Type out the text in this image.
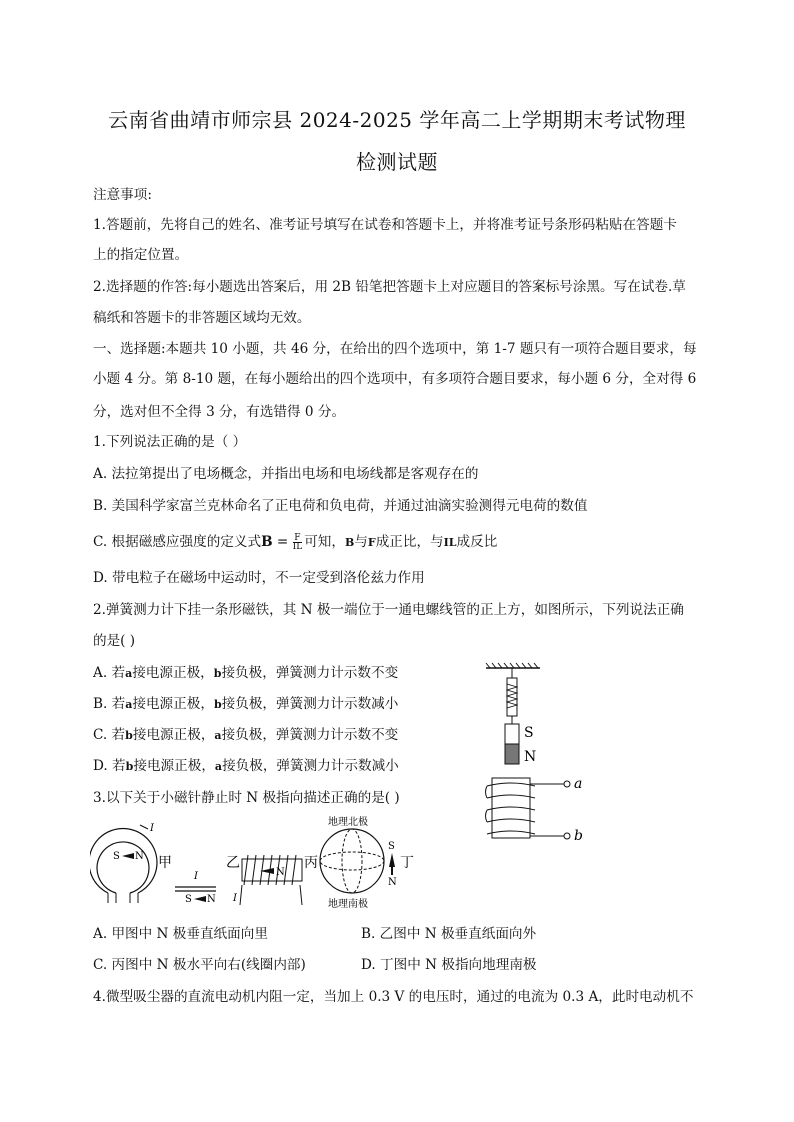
云南省曲靖市师宗县 2024-2025 学年高二上学期期末考试物理
检测试题
注意事项:
1.答题前，先将自己的姓名、准考证号填写在试卷和答题卡上，并将准考证号条形码粘贴在答题卡
上的指定位置。
2.选择题的作答:每小题选出答案后，用 2B 铅笔把答题卡上对应题目的答案标号涂黑。写在试卷.草
稿纸和答题卡的非答题区域均无效。
一、选择题:本题共 10 小题，共 46 分，在给出的四个选项中，第 1-7 题只有一项符合题目要求，每
小题 4 分。第 8-10 题，在每小题给出的四个选项中，有多项符合题目要求，每小题 6 分，全对得 6
分，选对但不全得 3 分，有选错得 0 分。
1.下列说法正确的是（ ）
A. 法拉第提出了电场概念，并指出电场和电场线都是客观存在的
B. 美国科学家富兰克林命名了正电荷和负电荷，并通过油滴实验测得元电荷的数值
C. 根据磁感应强度的定义式$B = \frac{F}{IL}$ 可知，B与F成正比，与IL成反比
D. 带电粒子在磁场中运动时，不一定受到洛伦兹力作用
2.弹簧测力计下挂一条形磁铁，其 N 极一端位于一通电螺线管的正上方，如图所示，下列说法正确
的是( )
A. 若a接电源正极，b接负极，弹簧测力计示数不变
B. 若a接电源正极，b接负极，弹簧测力计示数减小
C. 若b接电源正极，a接负极，弹簧测力计示数不变
D. 若b接电源正极，a接负极，弹簧测力计示数减小
S
N
a
b
3.以下关于小磁针静止时 N 极指向描述正确的是( )
I
S N 甲
I
S N
乙
N
I
丙
地理北极
地理南极
S
N
丁
A. 甲图中 N 极垂直纸面向里	B. 乙图中 N 极垂直纸面向外
C. 丙图中 N 极水平向右(线圈内部)	D. 丁图中 N 极指向地理南极
4.微型吸尘器的直流电动机内阻一定，当加上 0.3 V 的电压时，通过的电流为 0.3 A，此时电动机不
